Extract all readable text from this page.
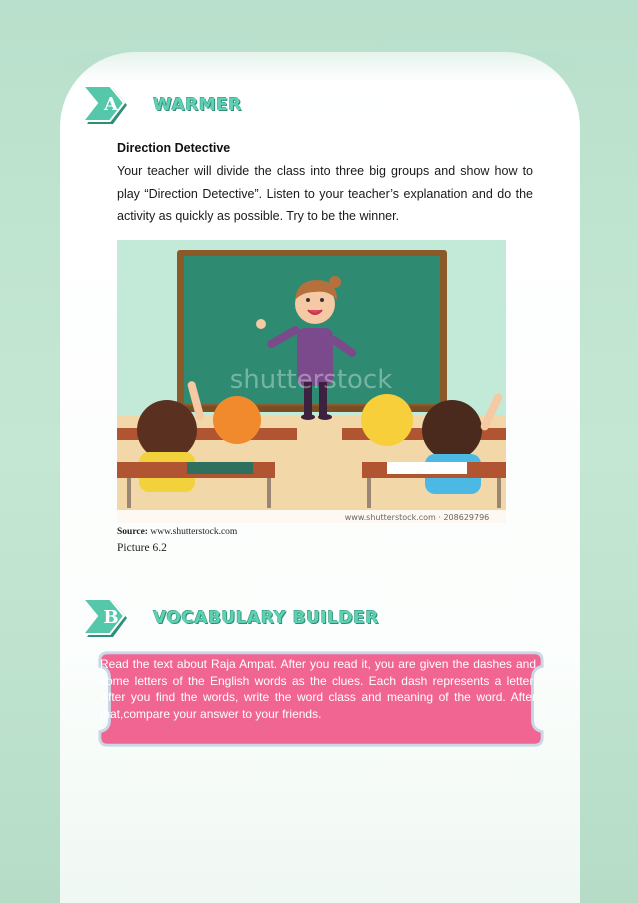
A	WARMER
Direction Detective
Your teacher will divide the class into three big groups and show how to play “Direction Detective”. Listen to your teacher’s explanation and do the activity as quickly as possible. Try to be the winner.
shutterstock
www.shutterstock.com · 208629796
Source: www.shutterstock.com
Picture 6.2
B	VOCABULARY BUILDER
Read the text about Raja Ampat. After you read it, you are given the dashes and some letters of the English words as the clues. Each dash represents a letter. After you find the words, write the word class and meaning of the word. After that,compare your answer to your friends.
